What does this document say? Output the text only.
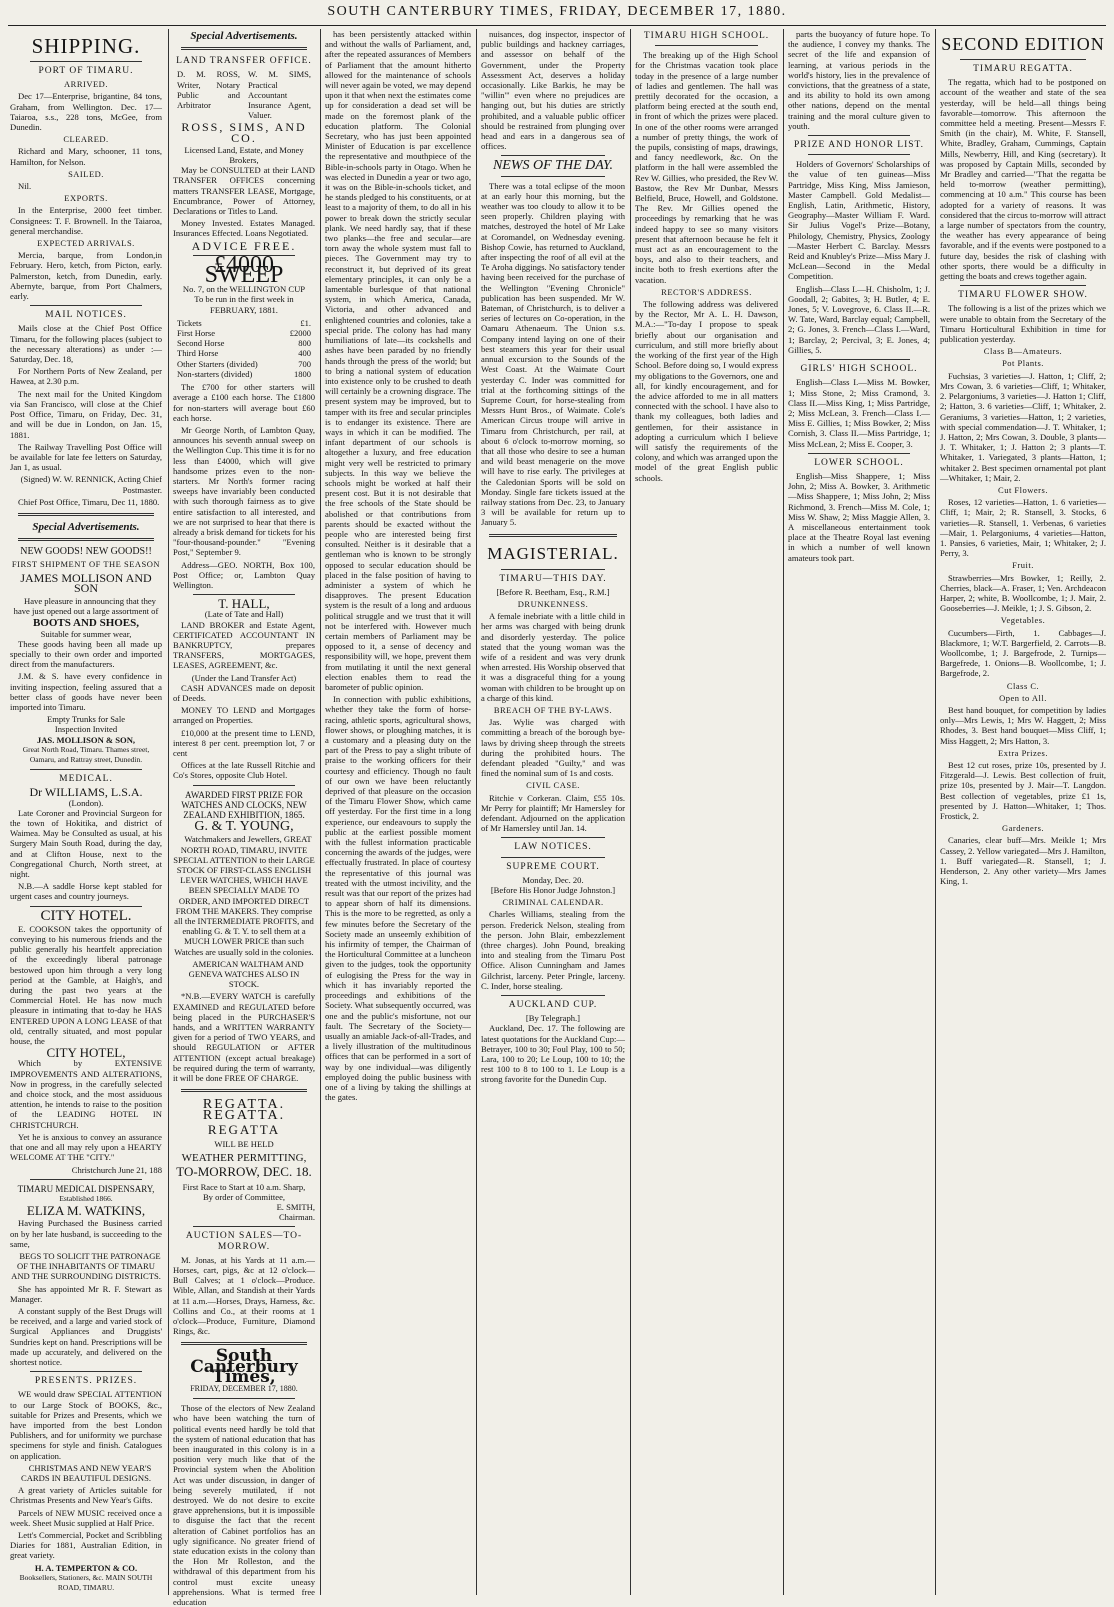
SOUTH CANTERBURY TIMES, FRIDAY, DECEMBER 17, 1880.
SHIPPING.
PORT OF TIMARU.
ARRIVED.

Dec 17—Enterprise, brigantine, 84 tons, Graham, from Wellington. Dec. 17—Taiaroa, s.s., 228 tons, McGee, from Dunedin.

CLEARED.

Richard and Mary, schooner, 11 tons, Hamilton, for Nelson.

SAILED.

Nil.

EXPORTS.

In the Enterprise, 2000 feet timber. Consignees: T. F. Brownell. In the Taiaroa, general merchandise.

EXPECTED ARRIVALS.

Mercia, barque, from London,in February. Hero, ketch, from Picton, early. Palmerston, ketch, from Dunedin, early. Abernyte, barque, from Port Chalmers, early.

MAIL NOTICES.

Mails close at the Chief Post Office Timaru, for the following places (subject to the necessary alterations) as under :— Saturday, Dec. 18,

For Northern Ports of New Zealand, per Hawea, at 2.30 p.m.

The next mail for the United Kingdom via San Francisco, will close at the Chief Post Office, Timaru, on Friday, Dec. 31, and will be due in London, on Jan. 15, 1881.

The Railway Travelling Post Office will be available for late fee letters on Saturday, Jan 1, as usual.

(Signed) W. W. RENNICK, Acting Chief Postmaster.

Chief Post Office, Timaru, Dec 11, 1880.

Special Advertisements.
NEW GOODS! NEW GOODS!!
FIRST SHIPMENT OF THE SEASON
JAMES MOLLISON AND SON

Have pleasure in announcing that they have just opened out a large assortment of

BOOTS AND SHOES,
Suitable for summer wear,

These goods having been all made up specially to their own order and imported direct from the manufacturers.

J.M. & S. have every confidence in inviting inspection, feeling assured that a better class of goods have never been imported into Timaru.

Empty Trunks for Sale
Inspection Invited
JAS. MOLLISON & SON,
Great North Road, Timaru. Thames street, Oamaru, and Rattray street, Dunedin.
MEDICAL.
Dr WILLIAMS, L.S.A.
(London).

Late Coroner and Provincial Surgeon for the town of Hokitika, and district of Waimea. May be Consulted as usual, at his Surgery Main South Road, during the day, and at Clifton House, next to the Congregational Church, North street, at night.

N.B.—A saddle Horse kept stabled for urgent cases and country journeys.

CITY HOTEL.

E. COOKSON takes the opportunity of conveying to his numerous friends and the public generally his heartfelt appreciation of the exceedingly liberal patronage bestowed upon him through a very long period at the Gamble, at Haigh's, and during the past two years at the Commercial Hotel. He has now much pleasure in intimating that to-day he HAS ENTERED UPON A LONG LEASE of that old, centrally situated, and most popular house, the

CITY HOTEL,

Which by EXTENSIVE IMPROVEMENTS AND ALTERATIONS, Now in progress, in the carefully selected and choice stock, and the most assiduous attention, he intends to raise to the position of the LEADING HOTEL IN CHRISTCHURCH.

Yet he is anxious to convey an assurance that one and all may rely upon a HEARTY WELCOME AT THE "CITY."

Christchurch June 21, 188

TIMARU MEDICAL DISPENSARY,
Established 1866.
ELIZA M. WATKINS,

Having Purchased the Business carried on by her late husband, is succeeding to the same,

BEGS TO SOLICIT THE PATRONAGE OF THE INHABITANTS OF TIMARU AND THE SURROUNDING DISTRICTS.

She has appointed Mr R. F. Stewart as Manager.

A constant supply of the Best Drugs will be received, and a large and varied stock of Surgical Appliances and Druggists' Sundries kept on hand. Prescriptions will be made up accurately, and delivered on the shortest notice.

PRESENTS. PRIZES.

WE would draw SPECIAL ATTENTION to our Large Stock of BOOKS, &c., suitable for Prizes and Presents, which we have imported from the best London Publishers, and for uniformity we purchase specimens for style and finish. Catalogues on application.

CHRISTMAS AND NEW YEAR'S CARDS IN BEAUTIFUL DESIGNS.

A great variety of Articles suitable for Christmas Presents and New Year's Gifts.

Parcels of NEW MUSIC received once a week. Sheet Music supplied at Half Price.

Lett's Commercial, Pocket and Scribbling Diaries for 1881, Australian Edition, in great variety.

H. A. TEMPERTON & CO.
Booksellers, Stationers, &c. MAIN SOUTH ROAD, TIMARU.
Special Advertisements.
LAND TRANSFER OFFICE.
D. M. ROSS, Writer, Notary Public and Arbitrator	W. M. SIMS, Practical Accountant Insurance Agent, Valuer.
ROSS, SIMS, AND CO.
Licensed Land, Estate, and Money Brokers,

May be CONSULTED at their LAND TRANSFER OFFICES concerning matters TRANSFER LEASE, Mortgage, Encumbrance, Power of Attorney, Declarations or Titles to Land.

Money Invested. Estates Managed. Insurances Effected. Loans Negotiated.

ADVICE FREE.
£4000 SWEEP
No. 7, on the WELLINGTON CUP
To be run in the first week in FEBRUARY, 1881.
Tickets	£1.
First Horse	£2000
Second Horse	800
Third Horse	400
Other Starters (divided)	700
Non-starters (divided)	1800

The £700 for other starters will average a £100 each horse. The £1800 for non-starters will average bout £60 each horse.

Mr George North, of Lambton Quay, announces his seventh annual sweep on the Wellington Cup. This time it is for no less than £4000, which will give handsome prizes even to the non-starters. Mr North's former racing sweeps have invariably been conducted with such thorough fairness as to give entire satisfaction to all interested, and we are not surprised to hear that there is already a brisk demand for tickets for his "four-thousand-pounder." "Evening Post," September 9.

Address—GEO. NORTH, Box 100, Post Office; or, Lambton Quay Wellington.

T. HALL,
(Late of Tate and Hall)

LAND BROKER and Estate Agent, CERTIFICATED ACCOUNTANT IN BANKRUPTCY, prepares TRANSFERS, MORTGAGES, LEASES, AGREEMENT, &c.

(Under the Land Transfer Act)

CASH ADVANCES made on deposit of Deeds.

MONEY TO LEND and Mortgages arranged on Properties.

£10,000 at the present time to LEND, interest 8 per cent. preemption lot, 7 or cent

Offices at the late Russell Ritchie and Co's Stores, opposite Club Hotel.

AWARDED FIRST PRIZE FOR WATCHES AND CLOCKS, NEW ZEALAND EXHIBITION, 1865.
G. & T. YOUNG,

Watchmakers and Jewellers, GREAT NORTH ROAD, TIMARU, INVITE SPECIAL ATTENTION to their LARGE STOCK OF FIRST-CLASS ENGLISH LEVER WATCHES, WHICH HAVE BEEN SPECIALLY MADE TO ORDER, AND IMPORTED DIRECT FROM THE MAKERS. They comprise all the INTERMEDIATE PROFITS, and enabling G. & T. Y. to sell them at a MUCH LOWER PRICE than such Watches are usually sold in the colonies.

AMERICAN WALTHAM AND GENEVA WATCHES ALSO IN STOCK.

*N.B.—EVERY WATCH is carefully EXAMINED and REGULATED before being placed in the PURCHASER'S hands, and a WRITTEN WARRANTY given for a period of TWO YEARS, and should REGULATION or AFTER ATTENTION (except actual breakage) be required during the term of warranty, it will be done FREE OF CHARGE.

REGATTA. REGATTA.
REGATTA
WILL BE HELD
WEATHER PERMITTING,
TO-MORROW, DEC. 18.
First Race to Start at 10 a.m. Sharp,
By order of Committee,
E. SMITH,
Chairman.
AUCTION SALES—TO-MORROW.

M. Jonas, at his Yards at 11 a.m.—Horses, cart, pigs, &c at 12 o'clock—Bull Calves; at 1 o'clock—Produce. Wible, Allan, and Standish at their Yards at 11 a.m.—Horses, Drays, Harness, &c. Collins and Co., at their rooms at 1 o'clock—Produce, Furniture, Diamond Rings, &c.

South Canterbury Times,
FRIDAY, DECEMBER 17, 1880.

Those of the electors of New Zealand who have been watching the turn of political events need hardly be told that the system of national education that has been inaugurated in this colony is in a position very much like that of the Provincial system when the Abolition Act was under discussion, in danger of being severely mutilated, if not destroyed. We do not desire to excite grave apprehensions, but it is impossible to disguise the fact that the recent alteration of Cabinet portfolios has an ugly significance. No greater friend of state education exists in the colony than the Hon Mr Rolleston, and the withdrawal of this department from his control must excite uneasy apprehensions. What is termed free education

has been persistently attacked within and without the walls of Parliament, and, after the repeated assurances of Members of Parliament that the amount hitherto allowed for the maintenance of schools will never again be voted, we may depend upon it that when next the estimates come up for consideration a dead set will be made on the foremost plank of the education platform. The Colonial Secretary, who has just been appointed Minister of Education is par excellence the representative and mouthpiece of the Bible-in-schools party in Otago. When he was elected in Dunedin a year or two ago, it was on the Bible-in-schools ticket, and he stands pledged to his constituents, or at least to a majority of them, to do all in his power to break down the strictly secular plank. We need hardly say, that if these two planks—the free and secular—are torn away the whole system must fall to pieces. The Government may try to reconstruct it, but deprived of its great elementary principles, it can only be a lamentable burlesque of that national system, in which America, Canada, Victoria, and other advanced and enlightened countries and colonies, take a special pride. The colony has had many humiliations of late—its cockshells and ashes have been paraded by no friendly hands through the press of the world; but to bring a national system of education into existence only to be crushed to death will certainly be a crowning disgrace. The present system may be improved, but to tamper with its free and secular principles is to endanger its existence. There are ways in which it can be modified. The infant department of our schools is altogether a luxury, and free education might very well be restricted to primary subjects. In this way we believe the schools might be worked at half their present cost. But it is not desirable that the free schools of the State should be abolished or that contributions from parents should be exacted without the people who are interested being first consulted. Neither is it desirable that a gentleman who is known to be strongly opposed to secular education should be placed in the false position of having to administer a system of which he disapproves. The present Education system is the result of a long and arduous political struggle and we trust that it will not be interfered with. However much certain members of Parliament may be opposed to it, a sense of decency and responsibility will, we hope, prevent them from mutilating it until the next general election enables them to read the barometer of public opinion.

In connection with public exhibitions, whether they take the form of horse-racing, athletic sports, agricultural shows, flower shows, or ploughing matches, it is a customary and a pleasing duty on the part of the Press to pay a slight tribute of praise to the working officers for their courtesy and efficiency. Though no fault of our own we have been reluctantly deprived of that pleasure on the occasion of the Timaru Flower Show, which came off yesterday. For the first time in a long experience, our endeavours to supply the public at the earliest possible moment with the fullest information practicable concerning the awards of the judges, were effectually frustrated. In place of courtesy the representative of this journal was treated with the utmost incivility, and the result was that our report of the prizes had to appear shorn of half its dimensions. This is the more to be regretted, as only a few minutes before the Secretary of the Society made an unseemly exhibition of his infirmity of temper, the Chairman of the Horticultural Committee at a luncheon given to the judges, took the opportunity of eulogising the Press for the way in which it has invariably reported the proceedings and exhibitions of the Society. What subsequently occurred, was one and the public's misfortune, not our fault. The Secretary of the Society—usually an amiable Jack-of-all-Trades, and a lively illustration of the multitudinous offices that can be performed in a sort of way by one individual—was diligently employed doing the public business with one of a living by taking the shillings at the gates.

nuisances, dog inspector, inspector of public buildings and hackney carriages, and assessor on behalf of the Government, under the Property Assessment Act, deserves a holiday occasionally. Like Barkis, he may be "willin'" even where no prejudices are hanging out, but his duties are strictly prohibited, and a valuable public officer should be restrained from plunging over head and ears in a dangerous sea of offices.

NEWS OF THE DAY.

There was a total eclipse of the moon at an early hour this morning, but the weather was too cloudy to allow it to be seen properly. Children playing with matches, destroyed the hotel of Mr Lake at Coromandel, on Wednesday evening. Bishop Cowie, has returned to Auckland, after inspecting the roof of all evil at the Te Aroha diggings. No satisfactory tender having been received for the purchase of the Wellington "Evening Chronicle" publication has been suspended. Mr W. Bateman, of Christchurch, is to deliver a series of lectures on Co-operation, in the Oamaru Athenaeum. The Union s.s. Company intend laying on one of their best steamers this year for their usual annual excursion to the Sounds of the West Coast. At the Waimate Court yesterday C. Inder was committed for trial at the forthcoming sittings of the Supreme Court, for horse-stealing from Messrs Hunt Bros., of Waimate. Cole's American Circus troupe will arrive in Timaru from Christchurch, per rail, at about 6 o'clock to-morrow morning, so that all those who desire to see a human and wild beast menagerie on the move will have to rise early. The privileges at the Caledonian Sports will be sold on Monday. Single fare tickets issued at the railway stations from Dec. 23, to January 3 will be available for return up to January 5.

MAGISTERIAL.
TIMARU—THIS DAY.
[Before R. Beetham, Esq., R.M.]
DRUNKENNESS.

A female inebriate with a little child in her arms was charged with being drunk and disorderly yesterday. The police stated that the young woman was the wife of a resident and was very drunk when arrested. His Worship observed that it was a disgraceful thing for a young woman with children to be brought up on a charge of this kind.

BREACH OF THE BY-LAWS.

Jas. Wylie was charged with committing a breach of the borough bye-laws by driving sheep through the streets during the prohibited hours. The defendant pleaded "Guilty," and was fined the nominal sum of 1s and costs.

CIVIL CASE.

Ritchie v Corkeran. Claim, £55 10s. Mr Perry for plaintiff; Mr Hamersley for defendant. Adjourned on the application of Mr Hamersley until Jan. 14.

LAW NOTICES.
SUPREME COURT.
Monday, Dec. 20.
[Before His Honor Judge Johnston.]
CRIMINAL CALENDAR.

Charles Williams, stealing from the person. Frederick Nelson, stealing from the person. John Blair, embezzlement (three charges). John Pound, breaking into and stealing from the Timaru Post Office. Alison Cunningham and James Gilchrist, larceny. Peter Pringle, larceny. C. Inder, horse stealing.

AUCKLAND CUP.
[By Telegraph.]

Auckland, Dec. 17. The following are latest quotations for the Auckland Cup:—Betrayer, 100 to 30; Foul Play, 100 to 50; Lara, 100 to 20; Le Loup, 100 to 10; the rest 100 to 8 to 100 to 1. Le Loup is a strong favorite for the Dunedin Cup.

TIMARU HIGH SCHOOL.

The breaking up of the High School for the Christmas vacation took place today in the presence of a large number of ladies and gentlemen. The hall was prettily decorated for the occasion, a platform being erected at the south end, in front of which the prizes were placed. In one of the other rooms were arranged a number of pretty things, the work of the pupils, consisting of maps, drawings, and fancy needlework, &c. On the platform in the hall were assembled the Rev W. Gillies, who presided, the Rev W. Bastow, the Rev Mr Dunbar, Messrs Belfield, Bruce, Howell, and Goldstone. The Rev. Mr Gillies opened the proceedings by remarking that he was indeed happy to see so many visitors present that afternoon because he felt it must act as an encouragement to the boys, and also to their teachers, and incite both to fresh exertions after the vacation.

RECTOR'S ADDRESS.

The following address was delivered by the Rector, Mr A. L. H. Dawson, M.A.:—"To-day I propose to speak briefly about our organisation and curriculum, and still more briefly about the working of the first year of the High School. Before doing so, I would express my obligations to the Governors, one and all, for kindly encouragement, and for the advice afforded to me in all matters connected with the school. I have also to thank my colleagues, both ladies and gentlemen, for their assistance in adopting a curriculum which I believe will satisfy the requirements of the colony, and which was arranged upon the model of the great English public schools.

parts the buoyancy of future hope. To the audience, I convey my thanks. The secret of the life and expansion of learning, at various periods in the world's history, lies in the prevalence of convictions, that the greatness of a state, and its ability to hold its own among other nations, depend on the mental training and the moral culture given to youth.

PRIZE AND HONOR LIST.

Holders of Governors' Scholarships of the value of ten guineas—Miss Partridge, Miss King, Miss Jamieson, Master Campbell. Gold Medalist—English, Latin, Arithmetic, History, Geography—Master William F. Ward. Sir Julius Vogel's Prize—Botany, Philology, Chemistry, Physics, Zoology—Master Herbert C. Barclay. Messrs Reid and Knubley's Prize—Miss Mary J. McLean—Second in the Medal Competition.

English—Class I.—H. Chisholm, 1; J. Goodall, 2; Gabites, 3; H. Butler, 4; E. Jones, 5; V. Lovegrove, 6. Class II.—R. W. Tate, Ward, Barclay equal; Campbell, 2; G. Jones, 3. French—Class I.—Ward, 1; Barclay, 2; Percival, 3; E. Jones, 4; Gillies, 5.

GIRLS' HIGH SCHOOL.

English—Class I.—Miss M. Bowker, 1; Miss Stone, 2; Miss Cramond, 3. Class II.—Miss King, 1; Miss Partridge, 2; Miss McLean, 3. French—Class I.—Miss E. Gillies, 1; Miss Bowker, 2; Miss Cornish, 3. Class II.—Miss Partridge, 1; Miss McLean, 2; Miss E. Cooper, 3.

LOWER SCHOOL.

English—Miss Shappere, 1; Miss John, 2; Miss A. Bowker, 3. Arithmetic—Miss Shappere, 1; Miss John, 2; Miss Richmond, 3. French—Miss M. Cole, 1; Miss W. Shaw, 2; Miss Maggie Allen, 3. A miscellaneous entertainment took place at the Theatre Royal last evening in which a number of well known amateurs took part.

SECOND EDITION
TIMARU REGATTA.

The regatta, which had to be postponed on account of the weather and state of the sea yesterday, will be held—all things being favorable—tomorrow. This afternoon the committee held a meeting. Present—Messrs F. Smith (in the chair), M. White, F. Stansell, White, Bradley, Graham, Cummings, Captain Mills, Newberry, Hill, and King (secretary). It was proposed by Captain Mills, seconded by Mr Bradley and carried—"That the regatta be held to-morrow (weather permitting), commencing at 10 a.m." This course has been adopted for a variety of reasons. It was considered that the circus to-morrow will attract a large number of spectators from the country, the weather has every appearance of being favorable, and if the events were postponed to a future day, besides the risk of clashing with other sports, there would be a difficulty in getting the boats and crews together again.

TIMARU FLOWER SHOW.

The following is a list of the prizes which we were unable to obtain from the Secretary of the Timaru Horticultural Exhibition in time for publication yesterday.

Class B—Amateurs.
Pot Plants.

Fuchsias, 3 varieties—J. Hatton, 1; Cliff, 2; Mrs Cowan, 3. 6 varieties—Cliff, 1; Whitaker, 2. Pelargoniums, 3 varieties—J. Hatton 1; Cliff, 2; Hatton, 3. 6 varieties—Cliff, 1; Whitaker, 2. Geraniums, 3 varieties—Hatton, 1; 2 varieties, with special commendation—J. T. Whitaker, 1; J. Hatton, 2; Mrs Cowan, 3. Double, 3 plants—J. T. Whitaker, 1; J. Hatton 2; 3 plants—T. Whitaker, 1. Variegated, 3 plants—Hatton, 1; whitaker 2. Best specimen ornamental pot plant—Whitaker, 1; Mair, 2.

Cut Flowers.

Roses, 12 varieties—Hatton, 1. 6 varieties—Cliff, 1; Mair, 2; R. Stansell, 3. Stocks, 6 varieties—R. Stansell, 1. Verbenas, 6 varieties—Mair, 1. Pelargoniums, 4 varieties—Hatton, 1. Pansies, 6 varieties, Mair, 1; Whitaker, 2; J. Perry, 3.

Fruit.

Strawberries—Mrs Bowker, 1; Reilly, 2. Cherries, black—A. Fraser, 1; Ven. Archdeacon Harper, 2; white, B. Woollcombe, 1; J. Mair, 2. Gooseberries—J. Meikle, 1; J. S. Gibson, 2.

Vegetables.

Cucumbers—Firth, 1. Cabbages—J. Blackmore, 1; W.T. Bargerfield, 2. Carrots—B. Woollcombe, 1; J. Bargefrode, 2. Turnips—Bargefrede, 1. Onions—B. Woollcombe, 1; J. Bargefrode, 2.

Class C.
Open to All.

Best hand bouquet, for competition by ladies only—Mrs Lewis, 1; Mrs W. Haggett, 2; Miss Rhodes, 3. Best hand bouquet—Miss Cliff, 1; Miss Haggett, 2; Mrs Hatton, 3.

Extra Prizes.

Best 12 cut roses, prize 10s, presented by J. Fitzgerald—J. Lewis. Best collection of fruit, prize 10s, presented by J. Mair—T. Langdon. Best collection of vegetables, prize £1 1s, presented by J. Hatton—Whitaker, 1; Thos. Frostick, 2.

Gardeners.

Canaries, clear buff—Mrs. Meikle 1; Mrs Cassey, 2. Yellow variegated—Mrs J. Hamilton, 1. Buff variegated—R. Stansell, 1; J. Henderson, 2. Any other variety—Mrs James King, 1.
